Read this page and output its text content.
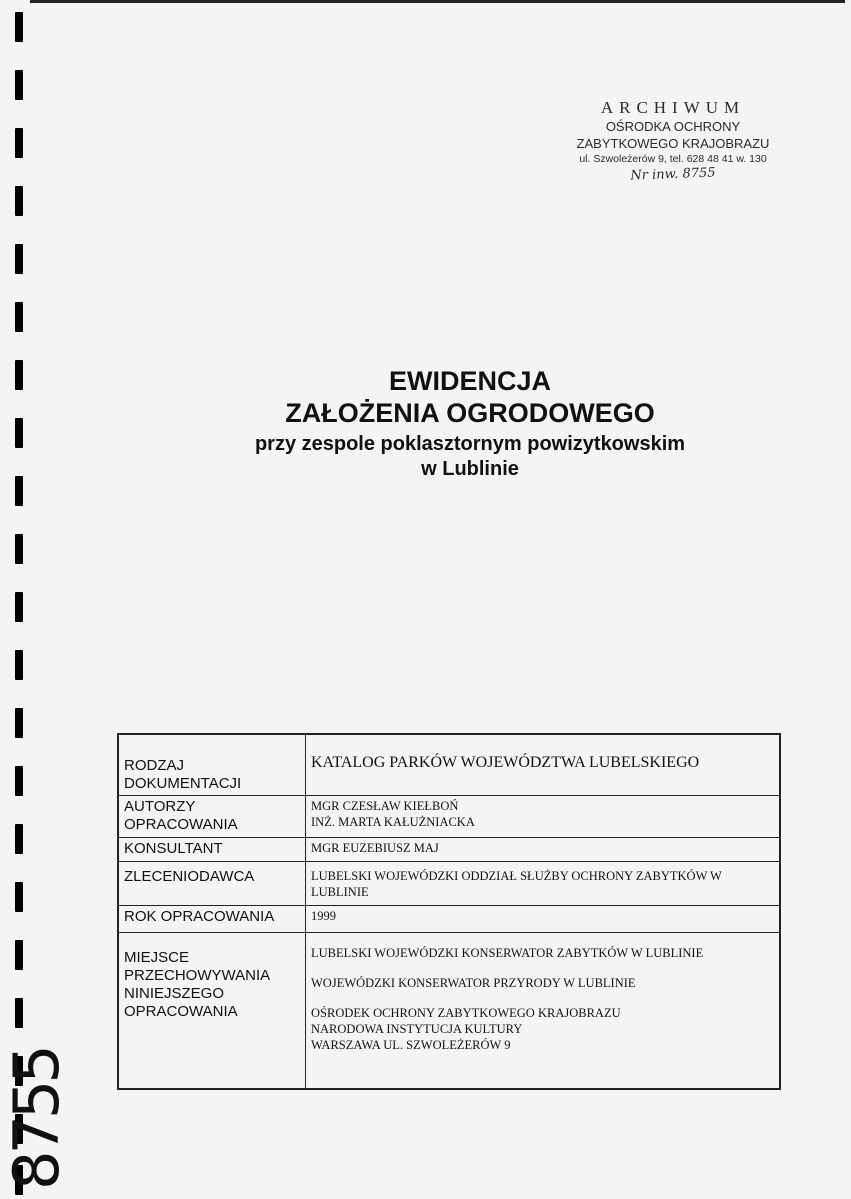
ARCHIWUM
OŚRODKA OCHRONY
ZABYTKOWEGO KRAJOBRAZU
ul. Szwoleżerów 9, tel. 628 48 41 w. 130
Nr inw. 8755
EWIDENCJA
ZAŁOŻENIA OGRODOWEGO
przy zespole poklasztornym powizytkowskim
w Lublinie
RODZAJ DOKUMENTACJI	KATALOG PARKÓW WOJEWÓDZTWA LUBELSKIEGO
AUTORZY OPRACOWANIA	MGR CZESŁAW KIEŁBOŃ
INŻ. MARTA KAŁUŻNIACKA

KONSULTANT	MGR EUZEBIUSZ MAJ
ZLECENIODAWCA	LUBELSKI WOJEWÓDZKI ODDZIAŁ SŁUŻBY OCHRONY ZABYTKÓW W LUBLINIE
ROK OPRACOWANIA	1999
MIEJSCE PRZECHOWYWANIA NINIEJSZEGO OPRACOWANIA	LUBELSKI WOJEWÓDZKI KONSERWATOR ZABYTKÓW W LUBLINIE
WOJEWÓDZKI KONSERWATOR PRZYRODY W LUBLINIE
OŚRODEK OCHRONY ZABYTKOWEGO KRAJOBRAZU
NARODOWA INSTYTUCJA KULTURY
WARSZAWA UL. SZWOLEŻERÓW 9
8755
